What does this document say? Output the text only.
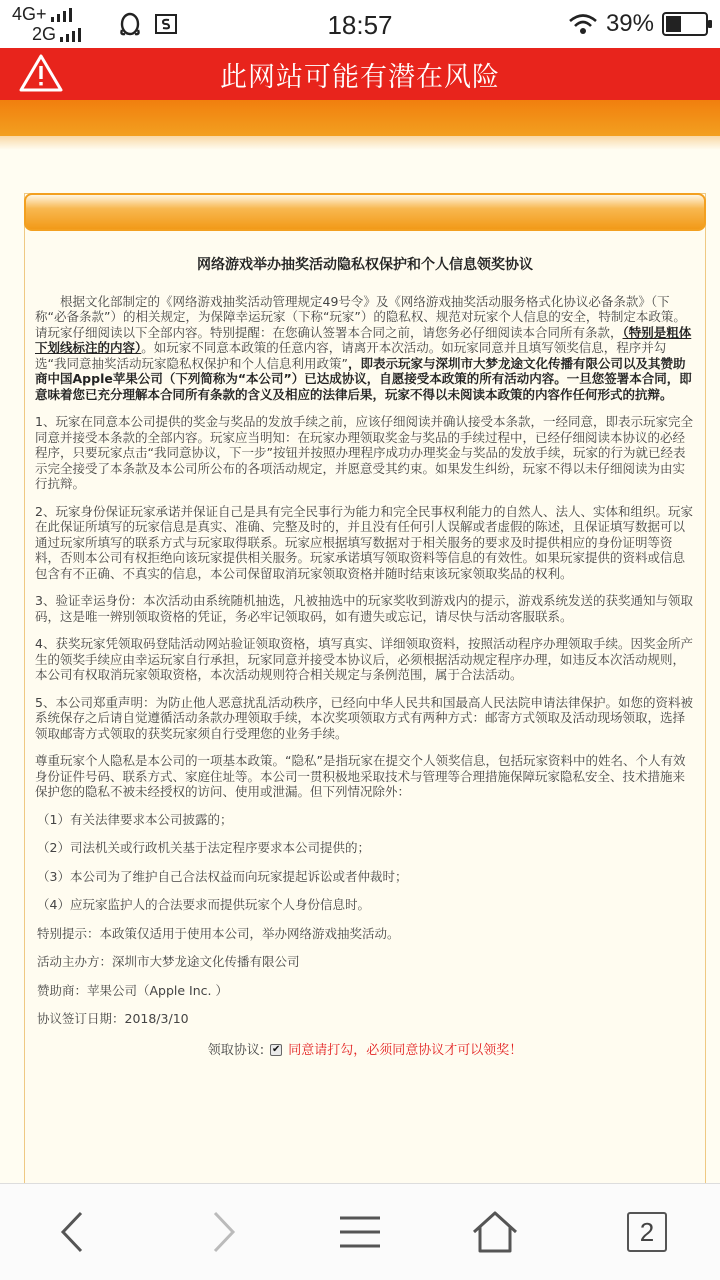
4G+
2G	18:57	39%
此网站可能有潜在风险
网络游戏举办抽奖活动隐私权保护和个人信息领奖协议
根据文化部制定的《网络游戏抽奖活动管理规定49号令》及《网络游戏抽奖活动服务格式化协议必备条款》（下称“必备条款”）的相关规定，为保障幸运玩家（下称“玩家”）的隐私权、规范对玩家个人信息的安全，特制定本政策。请玩家仔细阅读以下全部内容。特别提醒：在您确认签署本合同之前，请您务必仔细阅读本合同所有条款，（特别是粗体下划线标注的内容）。如玩家不同意本政策的任意内容，请离开本次活动。如玩家同意并且填写领奖信息，程序并勾选“我同意抽奖活动玩家隐私权保护和个人信息利用政策”，即表示玩家与深圳市大梦龙途文化传播有限公司以及其赞助商中国Apple苹果公司（下列简称为“本公司”）已达成协议，自愿接受本政策的所有活动内容。一旦您签署本合同，即意味着您已充分理解本合同所有条款的含义及相应的法律后果，玩家不得以未阅读本政策的内容作任何形式的抗辩。
1、玩家在同意本公司提供的奖金与奖品的发放手续之前，应该仔细阅读并确认接受本条款，一经同意，即表示玩家完全同意并接受本条款的全部内容。玩家应当明知：在玩家办理领取奖金与奖品的手续过程中，已经仔细阅读本协议的必经程序，只要玩家点击“我同意协议，下一步”按钮并按照办理程序成功办理奖金与奖品的发放手续，玩家的行为就已经表示完全接受了本条款及本公司所公布的各项活动规定，并愿意受其约束。如果发生纠纷，玩家不得以未仔细阅读为由实行抗辩。
2、玩家身份保证玩家承诺并保证自己是具有完全民事行为能力和完全民事权利能力的自然人、法人、实体和组织。玩家在此保证所填写的玩家信息是真实、准确、完整及时的，并且没有任何引人误解或者虚假的陈述，且保证填写数据可以通过玩家所填写的联系方式与玩家取得联系。玩家应根据填写数据对于相关服务的要求及时提供相应的身份证明等资料，否则本公司有权拒绝向该玩家提供相关服务。玩家承诺填写领取资料等信息的有效性。如果玩家提供的资料或信息包含有不正确、不真实的信息，本公司保留取消玩家领取资格并随时结束该玩家领取奖品的权利。
3、验证幸运身份：本次活动由系统随机抽选，凡被抽选中的玩家奖收到游戏内的提示，游戏系统发送的获奖通知与领取码，这是唯一辨别领取资格的凭证，务必牢记领取码，如有遗失或忘记，请尽快与活动客服联系。
4、获奖玩家凭领取码登陆活动网站验证领取资格，填写真实、详细领取资料，按照活动程序办理领取手续。因奖金所产生的领奖手续应由幸运玩家自行承担，玩家同意并接受本协议后，必须根据活动规定程序办理，如违反本次活动规则，本公司有权取消玩家领取资格，本次活动规则符合相关规定与条例范围，属于合法活动。
5、本公司郑重声明：为防止他人恶意扰乱活动秩序，已经向中华人民共和国最高人民法院申请法律保护。如您的资料被系统保存之后请自觉遵循活动条款办理领取手续，本次奖项领取方式有两种方式：邮寄方式领取及活动现场领取，选择领取邮寄方式领取的获奖玩家须自行受理您的业务手续。
尊重玩家个人隐私是本公司的一项基本政策。“隐私”是指玩家在提交个人领奖信息，包括玩家资料中的姓名、个人有效身份证件号码、联系方式、家庭住址等。本公司一贯积极地采取技术与管理等合理措施保障玩家隐私安全、技术措施来保护您的隐私不被未经授权的访问、使用或泄漏。但下列情况除外：
（1）有关法律要求本公司披露的；
（2）司法机关或行政机关基于法定程序要求本公司提供的；
（3）本公司为了维护自己合法权益而向玩家提起诉讼或者仲裁时；
（4）应玩家监护人的合法要求而提供玩家个人身份信息时。
特别提示：本政策仅适用于使用本公司，举办网络游戏抽奖活动。
活动主办方：深圳市大梦龙途文化传播有限公司
赞助商：苹果公司（Apple Inc. ）
协议签订日期：2018/3/10
领取协议: ✔ 同意请打勾，必须同意协议才可以领奖！
2
